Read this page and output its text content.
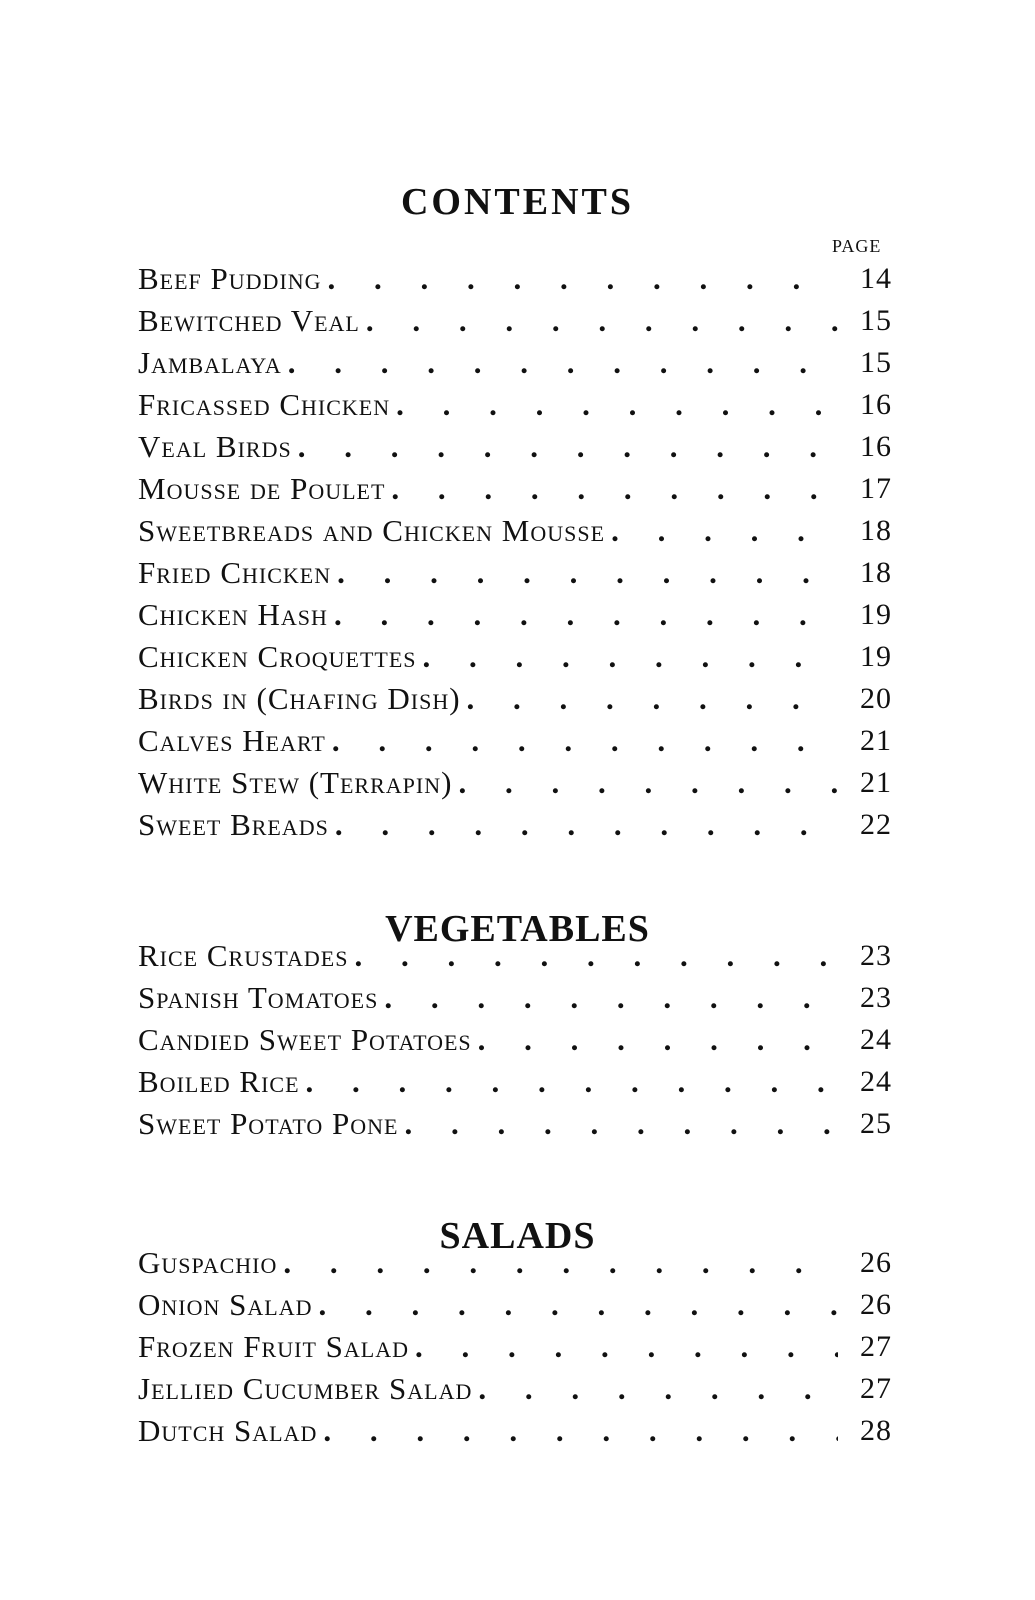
CONTENTS
PAGE
Beef Pudding .	14
Bewitched Veal .	15
Jambalaya .	15
Fricassed Chicken .	16
Veal Birds .	16
Mousse de Poulet .	17
Sweetbreads and Chicken Mousse .	18
Fried Chicken .	18
Chicken Hash .	19
Chicken Croquettes .	19
Birds in (Chafing Dish) .	20
Calves Heart .	21
White Stew (Terrapin) .	21
Sweet Breads .	22
VEGETABLES
Rice Crustades .	23
Spanish Tomatoes .	23
Candied Sweet Potatoes .	24
Boiled Rice .	24
Sweet Potato Pone .	25
SALADS
Guspachio .	26
Onion Salad .	26
Frozen Fruit Salad .	27
Jellied Cucumber Salad .	27
Dutch Salad .	28
